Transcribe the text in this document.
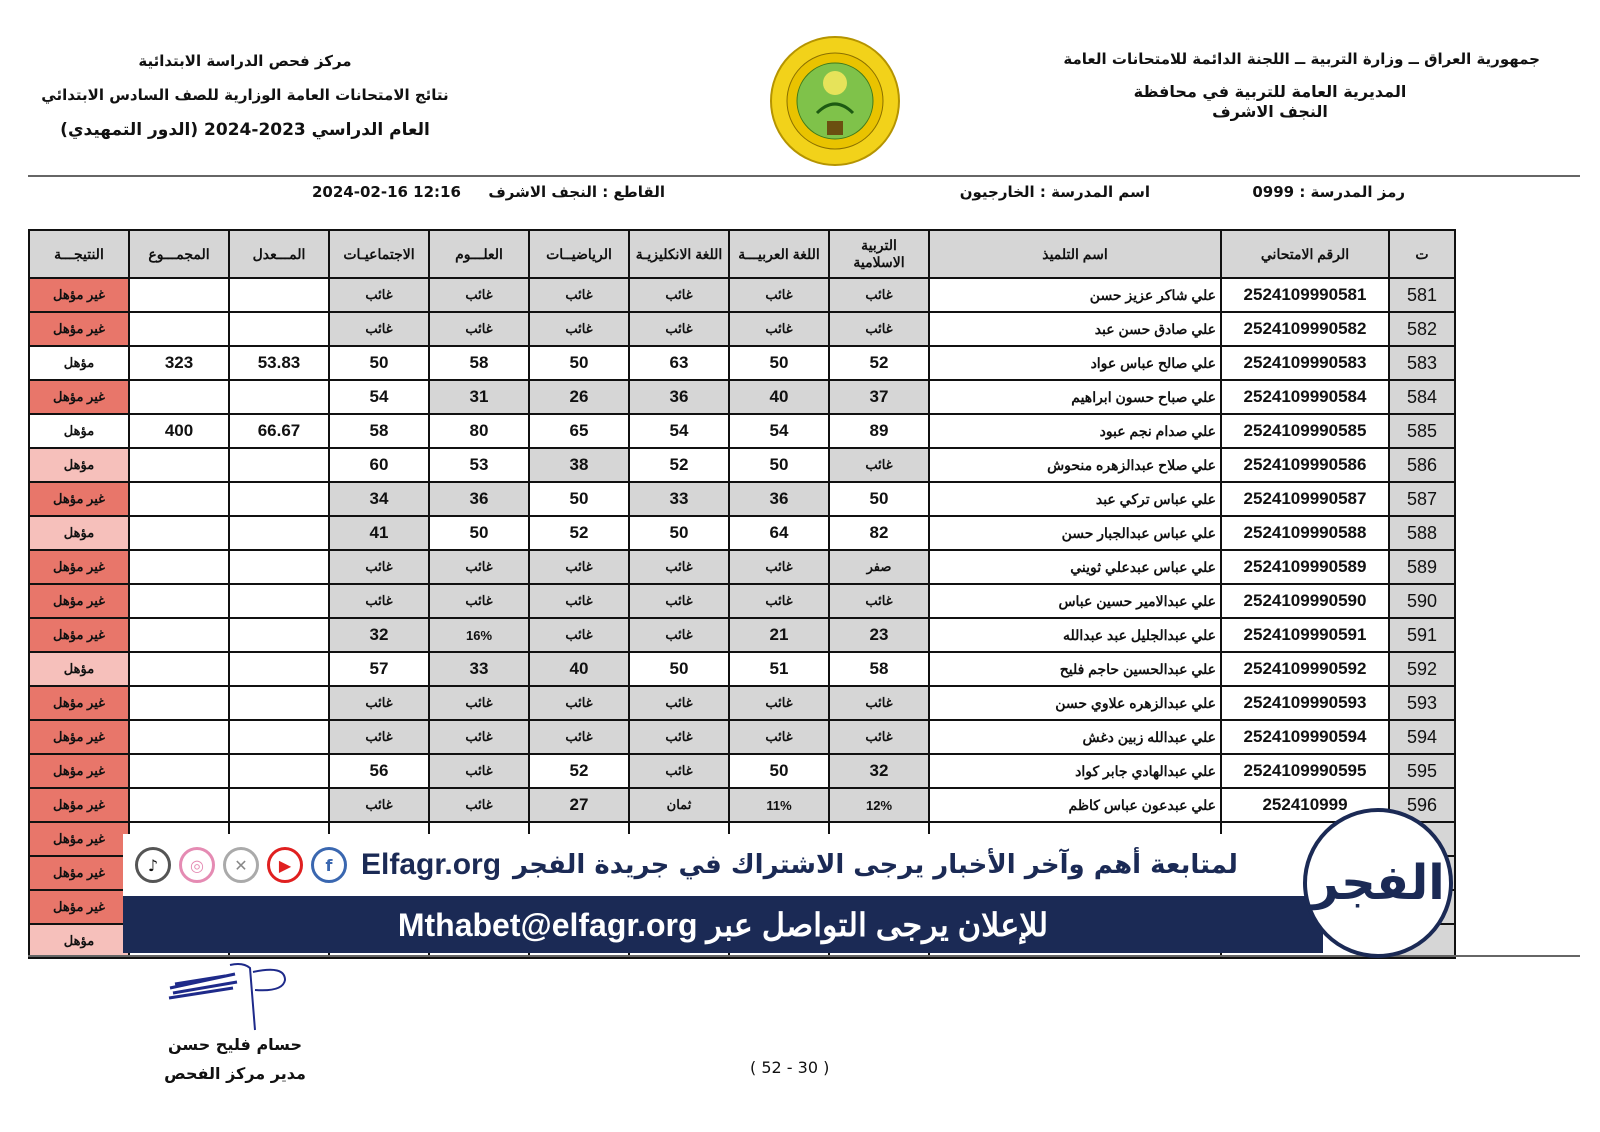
جمهورية العراق ــ وزارة التربية ــ اللجنة الدائمة للامتحانات العامة
المديرية العامة للتربية في محافظة
النجف الاشرف
مركز فحص الدراسة الابتدائية
نتائج الامتحانات العامة الوزارية للصف السادس الابتدائي
العام الدراسي 2023-2024 (الدور التمهيدي)
رمز المدرسة : 0999
اسم المدرسة : الخارجيون
القاطع : النجف الاشرف
2024-02-16 12:16
ت	الرقم الامتحاني	اسم التلميذ	التربية الاسلامية	اللغة العربيـــة	اللغة الانكليزيـة	الرياضيــات	العلـــوم	الاجتماعيـات	المـــعدل	المجمـــوع	النتيجـــة
581	2524109990581	علي شاكر عزيز حسن	غائب	غائب	غائب	غائب	غائب	غائب			غير مؤهل
582	2524109990582	علي صادق حسن عبد	غائب	غائب	غائب	غائب	غائب	غائب			غير مؤهل
583	2524109990583	علي صالح عباس عواد	52	50	63	50	58	50	53.83	323	مؤهل
584	2524109990584	علي صباح حسون ابراهيم	37	40	36	26	31	54			غير مؤهل
585	2524109990585	علي صدام نجم عبود	89	54	54	65	80	58	66.67	400	مؤهل
586	2524109990586	علي صلاح عبدالزهره منحوش	غائب	50	52	38	53	60			مؤهل
587	2524109990587	علي عباس تركي عبد	50	36	33	50	36	34			غير مؤهل
588	2524109990588	علي عباس عبدالجبار حسن	82	64	50	52	50	41			مؤهل
589	2524109990589	علي عباس عبدعلي ثويني	صفر	غائب	غائب	غائب	غائب	غائب			غير مؤهل
590	2524109990590	علي عبدالامير حسين عباس	غائب	غائب	غائب	غائب	غائب	غائب			غير مؤهل
591	2524109990591	علي عبدالجليل عبد عبدالله	23	21	غائب	غائب	16%	32			غير مؤهل
592	2524109990592	علي عبدالحسين حاجم فليح	58	51	50	40	33	57			مؤهل
593	2524109990593	علي عبدالزهره علاوي حسن	غائب	غائب	غائب	غائب	غائب	غائب			غير مؤهل
594	2524109990594	علي عبدالله زبين دغش	غائب	غائب	غائب	غائب	غائب	غائب			غير مؤهل
595	2524109990595	علي عبدالهادي جابر كواد	32	50	غائب	52	غائب	56			غير مؤهل
596	252410999	علي عبدعون عباس كاظم	12%	11%	ثمان	27	غائب	غائب			غير مؤهل
											غير مؤهل
											غير مؤهل
											غير مؤهل
											مؤهل
♪	◎	✕	▶	f Elfagr.org لمتابعة أهم وآخر الأخبار يرجى الاشتراك في جريدة الفجر
للإعلان يرجى التواصل عبر Mthabet@elfagr.org
الفجر
حسام فليح حسن
مدير مركز الفحص	( 52 - 30 )
